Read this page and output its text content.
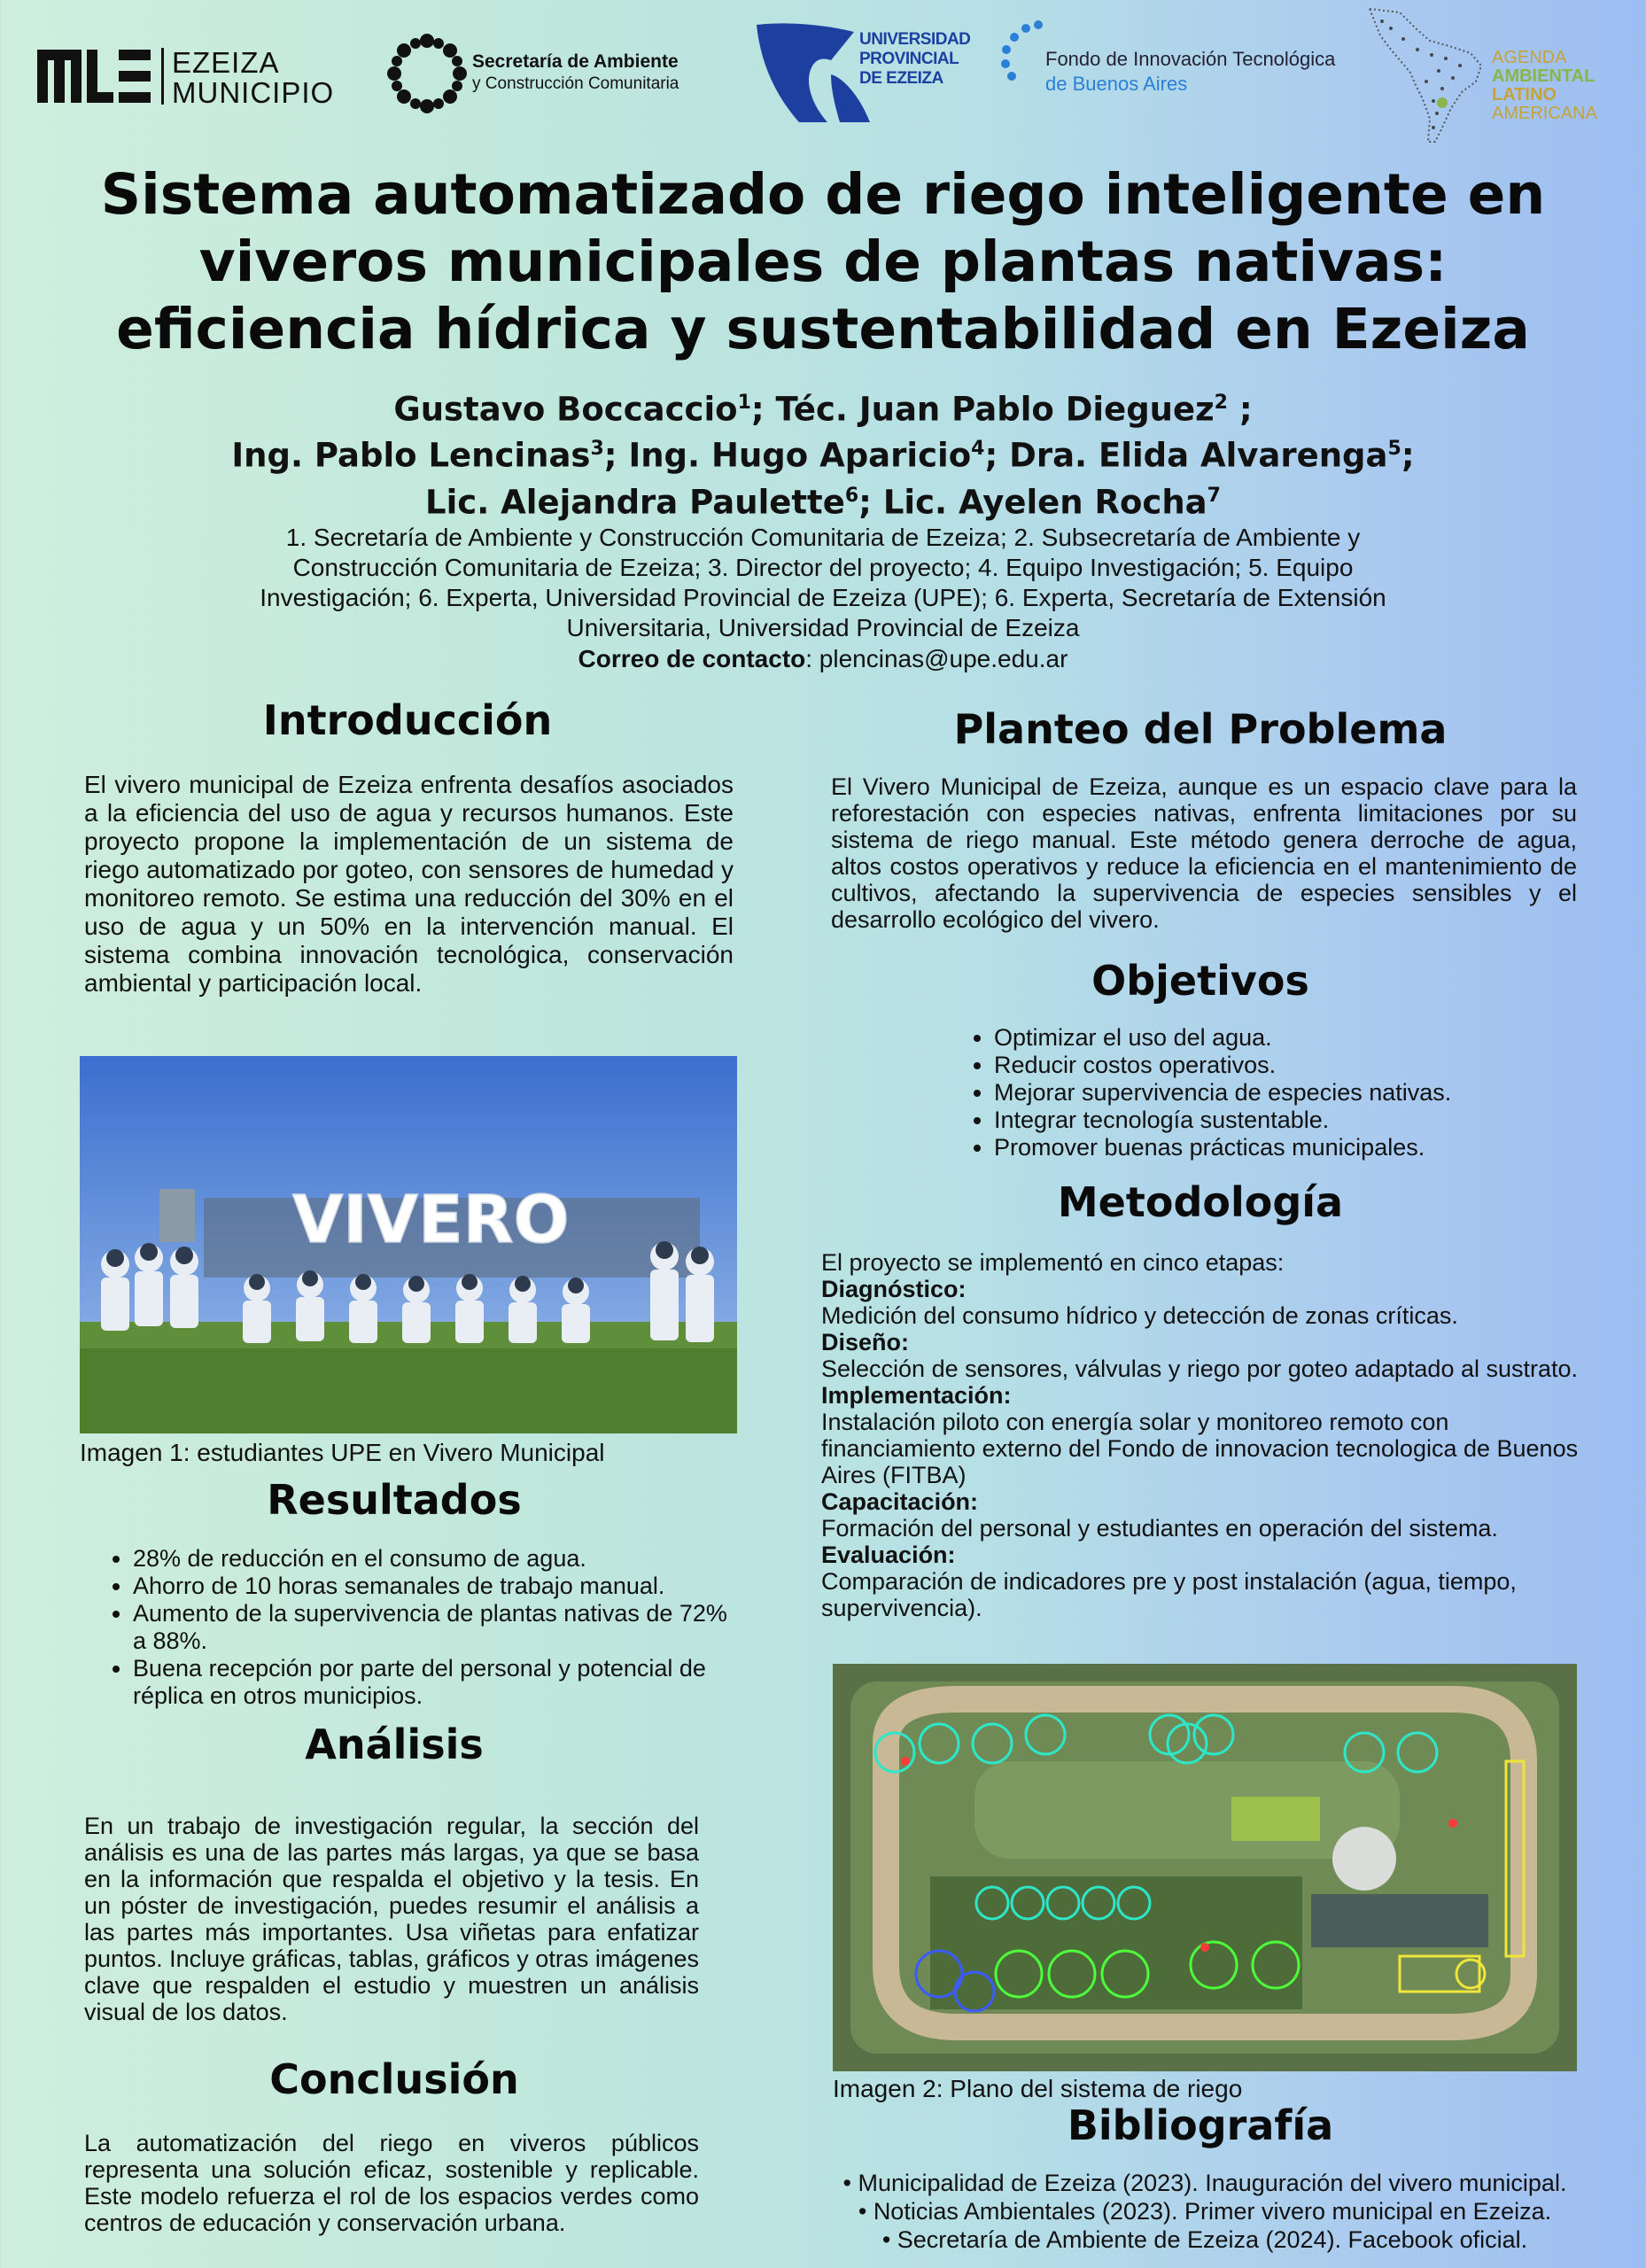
EZEIZA
MUNICIPIO
Secretaría de Ambiente
y Construcción Comunitaria
UNIVERSIDAD
PROVINCIAL
DE EZEIZA
Fondo de Innovación Tecnológica
de Buenos Aires
AGENDA
AMBIENTAL
LATINO
AMERICANA
Sistema automatizado de riego inteligente en
viveros municipales de plantas nativas:
eficiencia hídrica y sustentabilidad en Ezeiza
Gustavo Boccaccio$^1$; Téc. Juan Pablo Dieguez$^2$ ;
Ing. Pablo Lencinas$^3$; Ing. Hugo Aparicio$^4$; Dra. Elida Alvarenga$^5$;
Lic. Alejandra Paulette$^6$; Lic. Ayelen Rocha$^7$
1. Secretaría de Ambiente y Construcción Comunitaria de Ezeiza; 2. Subsecretaría de Ambiente y
Construcción Comunitaria de Ezeiza; 3. Director del proyecto; 4. Equipo Investigación; 5. Equipo
Investigación; 6. Experta, Universidad Provincial de Ezeiza (UPE); 6. Experta, Secretaría de Extensión
Universitaria, Universidad Provincial de Ezeiza
Correo de contacto: plencinas@upe.edu.ar
Introducción

El vivero municipal de Ezeiza enfrenta desafíos asociados a la eficiencia del uso de agua y recursos humanos. Este proyecto propone la implementación de un sistema de riego automatizado por goteo, con sensores de humedad y monitoreo remoto. Se estima una reducción del 30% en el uso de agua y un 50% en la intervención manual. El sistema combina innovación tecnológica, conservación ambiental y participación local.

VIVERO
Imagen 1: estudiantes UPE en Vivero Municipal
Resultados
• 28% de reducción en el consumo de agua.
• Ahorro de 10 horas semanales de trabajo manual.
• Aumento de la supervivencia de plantas nativas de 72% a 88%.
• Buena recepción por parte del personal y potencial de réplica en otros municipios.
Análisis

En un trabajo de investigación regular, la sección del análisis es una de las partes más largas, ya que se basa en la información que respalda el objetivo y la tesis. En un póster de investigación, puedes resumir el análisis a las partes más importantes. Usa viñetas para enfatizar puntos. Incluye gráficas, tablas, gráficos y otras imágenes clave que respalden el estudio y muestren un análisis visual de los datos.

Conclusión

La automatización del riego en viveros públicos representa una solución eficaz, sostenible y replicable. Este modelo refuerza el rol de los espacios verdes como centros de educación y conservación urbana.

Planteo del Problema

El Vivero Municipal de Ezeiza, aunque es un espacio clave para la reforestación con especies nativas, enfrenta limitaciones por su sistema de riego manual. Este método genera derroche de agua, altos costos operativos y reduce la eficiencia en el mantenimiento de cultivos, afectando la supervivencia de especies sensibles y el desarrollo ecológico del vivero.

Objetivos
• Optimizar el uso del agua.
• Reducir costos operativos.
• Mejorar supervivencia de especies nativas.
• Integrar tecnología sustentable.
• Promover buenas prácticas municipales.
Metodología
El proyecto se implementó en cinco etapas:
Diagnóstico:
Medición del consumo hídrico y detección de zonas críticas.
Diseño:
Selección de sensores, válvulas y riego por goteo adaptado al sustrato.
Implementación:
Instalación piloto con energía solar y monitoreo remoto con financiamiento externo del Fondo de innovacion tecnologica de Buenos Aires (FITBA)
Capacitación:
Formación del personal y estudiantes en operación del sistema.
Evaluación:
Comparación de indicadores pre y post instalación (agua, tiempo, supervivencia).
Imagen 2: Plano del sistema de riego
Bibliografía
• Municipalidad de Ezeiza (2023). Inauguración del vivero municipal.
• Noticias Ambientales (2023). Primer vivero municipal en Ezeiza.
• Secretaría de Ambiente de Ezeiza (2024). Facebook oficial.
